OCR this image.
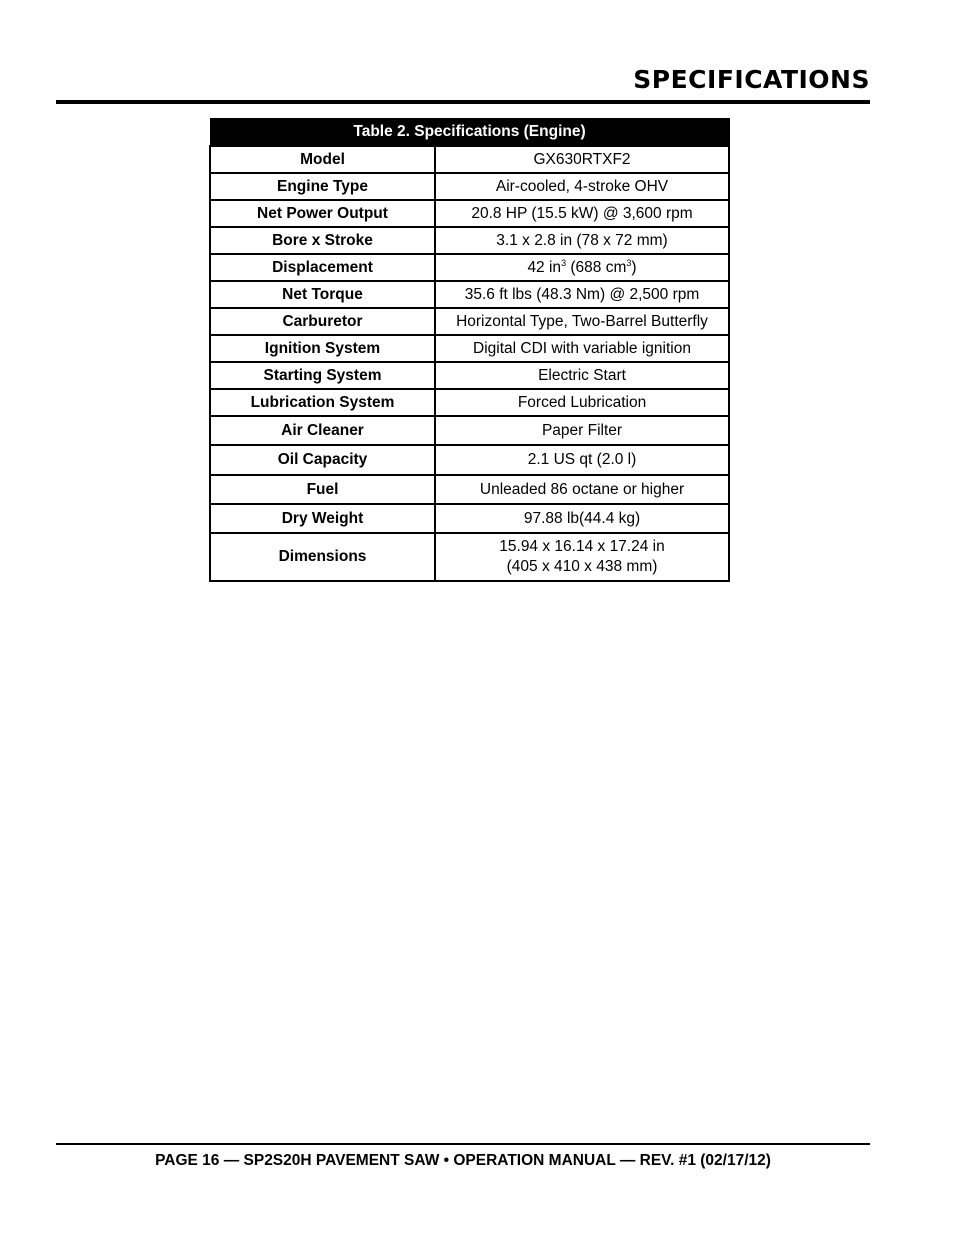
SPECIFICATIONS
Table 2. Specifications (Engine)	
Model	GX630RTXF2
Engine Type	Air-cooled, 4-stroke OHV
Net Power Output	20.8 HP (15.5 kW) @ 3,600 rpm
Bore x Stroke	3.1 x 2.8 in (78 x 72 mm)
Displacement	42 $in^3$ (688 $cm^3$)
Net Torque	35.6 ft lbs (48.3 Nm) @ 2,500 rpm
Carburetor	Horizontal Type, Two-Barrel Butterfly
Ignition System	Digital CDI with variable ignition
Starting System	Electric Start
Lubrication System	Forced Lubrication
Air Cleaner	Paper Filter
Oil Capacity	2.1 US qt (2.0 l)
Fuel	Unleaded 86 octane or higher
Dry Weight	97.88 lb(44.4 kg)
Dimensions	15.94 x 16.14 x 17.24 in
(405 x 410 x 438 mm)
PAGE 16 — SP2S20H PAVEMENT SAW • OPERATION MANUAL — REV. #1 (02/17/12)
